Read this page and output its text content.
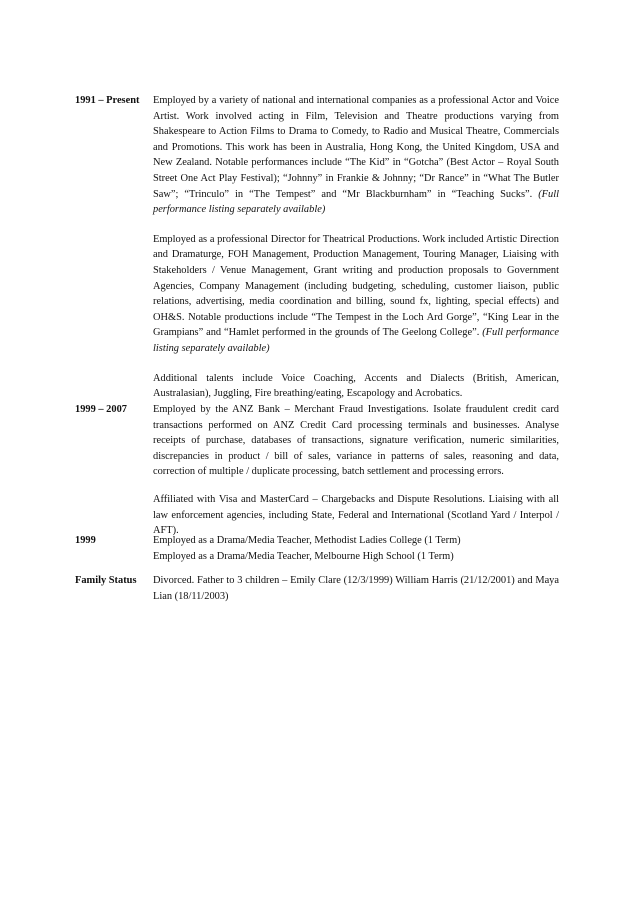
1991 – Present	Employed by a variety of national and international companies as a professional Actor and Voice Artist. Work involved acting in Film, Television and Theatre productions varying from Shakespeare to Action Films to Drama to Comedy, to Radio and Musical Theatre, Commercials and Promotions. This work has been in Australia, Hong Kong, the United Kingdom, USA and New Zealand. Notable performances include “The Kid” in “Gotcha” (Best Actor – Royal South Street One Act Play Festival); “Johnny” in Frankie & Johnny; “Dr Rance” in “What The Butler Saw”; “Trinculo” in “The Tempest” and “Mr Blackburnham” in “Teaching Sucks”. (Full performance listing separately available)

Employed as a professional Director for Theatrical Productions. Work included Artistic Direction and Dramaturge, FOH Management, Production Management, Touring Manager, Liaising with Stakeholders / Venue Management, Grant writing and production proposals to Government Agencies, Company Management (including budgeting, scheduling, customer liaison, public relations, advertising, media coordination and billing, sound fx, lighting, special effects) and OH&S. Notable productions include “The Tempest in the Loch Ard Gorge”, “King Lear in the Grampians” and “Hamlet performed in the grounds of The Geelong College”. (Full performance listing separately available)

Additional talents include Voice Coaching, Accents and Dialects (British, American, Australasian), Juggling, Fire breathing/eating, Escapology and Acrobatics.

1999 – 2007	Employed by the ANZ Bank – Merchant Fraud Investigations. Isolate fraudulent credit card transactions performed on ANZ Credit Card processing terminals and businesses. Analyse receipts of purchase, databases of transactions, signature verification, numeric similarities, discrepancies in product / bill of sales, variance in patterns of sales, reasoning and data, correction of multiple / duplicate processing, batch settlement and processing errors.

Affiliated with Visa and MasterCard – Chargebacks and Dispute Resolutions. Liaising with all law enforcement agencies, including State, Federal and International (Scotland Yard / Interpol / AFT).

1999	Employed as a Drama/Media Teacher, Methodist Ladies College (1 Term)
Employed as a Drama/Media Teacher, Melbourne High School (1 Term)
Family Status	Divorced. Father to 3 children – Emily Clare (12/3/1999) William Harris (21/12/2001) and Maya Lian (18/11/2003)
